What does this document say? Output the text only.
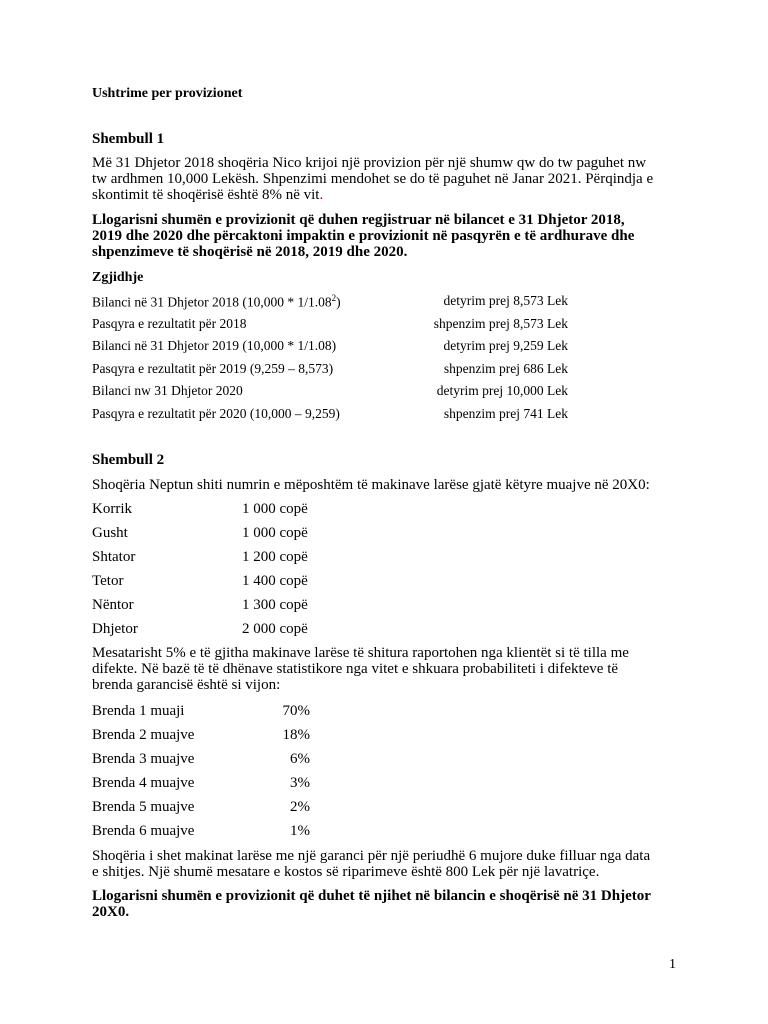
Ushtrime per provizionet
Shembull 1
Më 31 Dhjetor 2018 shoqëria Nico krijoi një provizion për një shumw qw do tw paguhet nw
tw ardhmen 10,000 Lekësh. Shpenzimi mendohet se do të paguhet në Janar 2021. Përqindja e
skontimit të shoqërisë është 8% në vit.
Llogarisni shumën e provizionit që duhen regjistruar në bilancet e 31 Dhjetor 2018,
2019 dhe 2020 dhe përcaktoni impaktin e provizionit në pasqyrën e të ardhurave dhe
shpenzimeve të shoqërisë në 2018, 2019 dhe 2020.
Zgjidhje
Bilanci në 31 Dhjetor 2018 (10,000 * 1/1.08$^2$)	detyrim prej 8,573 Lek
Pasqyra e rezultatit për 2018	shpenzim prej 8,573 Lek
Bilanci në 31 Dhjetor 2019 (10,000 * 1/1.08)	detyrim prej 9,259 Lek
Pasqyra e rezultatit për 2019 (9,259 – 8,573)	shpenzim prej 686 Lek
Bilanci nw 31 Dhjetor 2020	detyrim prej 10,000 Lek
Pasqyra e rezultatit për 2020 (10,000 – 9,259)	shpenzim prej 741 Lek
Shembull 2
Shoqëria Neptun shiti numrin e mëposhtëm të makinave larëse gjatë këtyre muajve në 20X0:
Korrik	1 000 copë
Gusht	1 000 copë
Shtator	1 200 copë
Tetor	1 400 copë
Nëntor	1 300 copë
Dhjetor	2 000 copë
Mesatarisht 5% e të gjitha makinave larëse të shitura raportohen nga klientët si të tilla me
difekte. Në bazë të të dhënave statistikore nga vitet e shkuara probabiliteti i difekteve të
brenda garancisë është si vijon:
Brenda 1 muaji	70%
Brenda 2 muajve	18%
Brenda 3 muajve	6%
Brenda 4 muajve	3%
Brenda 5 muajve	2%
Brenda 6 muajve	1%
Shoqëria i shet makinat larëse me një garanci për një periudhë 6 mujore duke filluar nga data
e shitjes. Një shumë mesatare e kostos së riparimeve është 800 Lek për një lavatriçe.
Llogarisni shumën e provizionit që duhet të njihet në bilancin e shoqërisë në 31 Dhjetor
20X0.
1
